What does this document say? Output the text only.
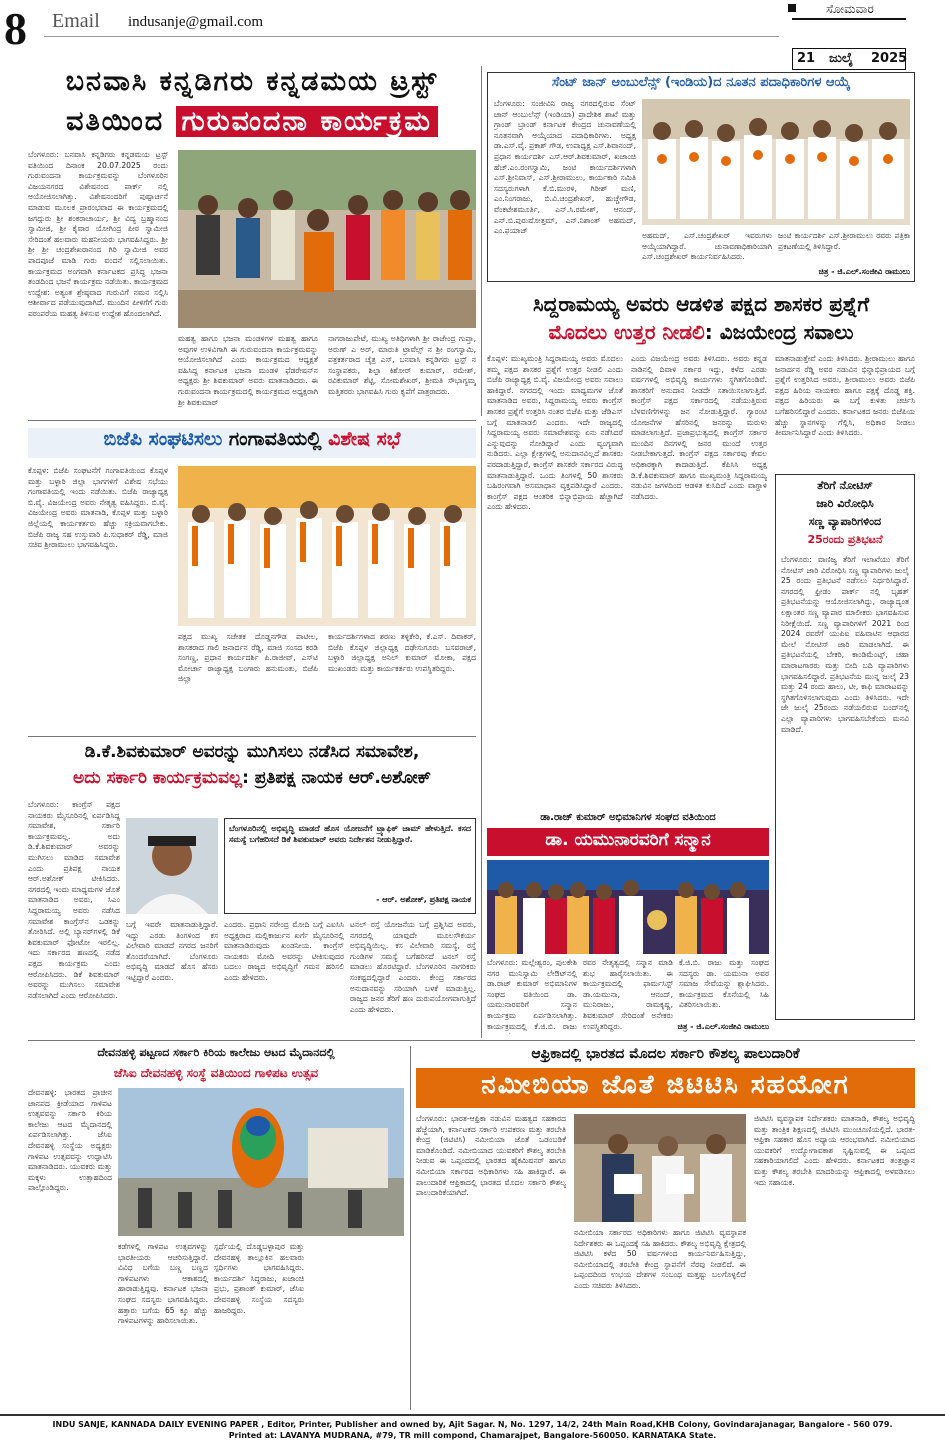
8	Email indusanje@gmail.com
ಸೋಮವಾರ
21 ಜುಲೈ 2025
ಬನವಾಸಿ ಕನ್ನಡಿಗರು ಕನ್ನಡಮಯ ಟ್ರಸ್ಟ್
ವತಿಯಿಂದ ಗುರುವಂದನಾ ಕಾರ್ಯಕ್ರಮ
ಬೆಂಗಳೂರು: ಬನವಾಸಿ ಕನ್ನಡಿಗರು ಕನ್ನಡಮಯ ಟ್ರಸ್ಟ್ ವತಿಯಿಂದ ದಿನಾಂಕ 20.07.2025 ರಂದು ಗುರುವಂದನಾ ಕಾರ್ಯಕ್ರಮವನ್ನು ಬೆಂಗಳೂರಿನ ವಿಜಯನಗರದ ವಿಶೇಷನಂದ ಪಾರ್ಕ್ ನಲ್ಲಿ ಆಯೋಜಿಸಲಾಗಿತ್ತು. ವಿಶೇಷನಂದರಿಗೆ ಪುಷ್ಪಾರ್ಚನೆ ಮಾಡುವ ಮೂಲಕ ಪ್ರಾರಂಭವಾದ ಈ ಕಾರ್ಯಕ್ರಮದಲ್ಲಿ ಜಗದ್ಗುರು ಶ್ರೀ ಶಂಕರಾಚಾರ್ಯ, ಶ್ರೀ ವಿದ್ಯ ಬ್ರಹ್ಮಾನಂದ ಸ್ವಾಮೀಜಿ, ಶ್ರೀ ಕೈವಾರ ಯೋಗಿಂದ್ರ ಪೀಠ ಸ್ವಾಮೀಜಿ ಸೇರಿದಂತೆ ಹಲವಾರು ಮಹನೀಯರು ಭಾಗವಹಿಸಿದ್ದರು. ಶ್ರೀ ಶ್ರೀ ಶ್ರೀ ಚಂದ್ರಶೇಖರಾನಂದ ಗಿರಿ ಸ್ವಾಮೀಜಿ ಅವರ ಪಾದಪೂಜೆ ಮಾಡಿ ಗುರು ವಂದನೆ ಸಲ್ಲಿಸಲಾಯಿತು. ಕಾರ್ಯಕ್ರಮದ ಅಂಗವಾಗಿ ಕರ್ನಾಟಕದ ಪ್ರಸಿದ್ಧ ಭಜನಾ ತಂಡದಿಂದ ಭಜನೆ ಕಾರ್ಯಕ್ರಮ ನಡೆಯಿತು. ಕಾರ್ಯಕ್ರಮದ ಉದ್ದೇಶ: ಅತ್ಯಂತ ಶ್ರೇಷ್ಠವಾದ ಗುರುವಿಗೆ ನಮನ ಸಲ್ಲಿಸಿ ಆಶೀರ್ವಾದ ಪಡೆಯುವುದಾಗಿದೆ. ಮುಂದಿನ ಪೀಳಿಗೆಗೆ ಗುರು ಪರಂಪರೆಯ ಮಹತ್ವ ತಿಳಿಸುವ ಉದ್ದೇಶ ಹೊಂದಲಾಗಿದೆ.
ಮಹತ್ವ ಹಾಗೂ ಭಜನಾ ಮಂಡಳಿಗಳ ಮಹತ್ವ ಹಾಗೂ ಅವುಗಳ ಉಳಿವಿಗಾಗಿ ಈ ಗುರುವಂದನಾ ಕಾರ್ಯಕ್ರಮವನ್ನು ಆಯೋಜಿಸಲಾಗಿದೆ ಎಂದು ಕಾರ್ಯಕ್ರಮದ ಆಧ್ಯಕ್ಷತೆ ವಹಿಸಿದ್ದ ಕರ್ನಾಟಕ ಭಜನಾ ಮಂಡಳಿ ಫೆಡರೇಷನ್‌ನ ಅಧ್ಯಕ್ಷರು ಶ್ರೀ ಶಿವಕುಮಾರ್ ಅವರು ಮಾತನಾಡಿದರು. ಈ ಗುರುವಂದನಾ ಕಾರ್ಯಕ್ರಮದಲ್ಲಿ ಕಾರ್ಯಕ್ರಮದ ಅಧ್ಯಕ್ಷರಾಗಿ ಶ್ರೀ ಶಿವಕುಮಾರ್
ನಾಗರಾಜುಪೇಟೆ, ಮುಖ್ಯ ಅತಿಥಿಗಳಾಗಿ ಶ್ರೀ ರಾಜೇಂದ್ರ ಗುಪ್ತಾ, ಅರುಣ್ ಎ ಅರ್, ಮಾರುತಿ ಟ್ರಾವೆಲ್ಸ್ ನ ಶ್ರೀ ರಂಗಸ್ವಾಮಿ, ಪತ್ರಕರ್ತರಾದ ಚೈತ್ರ ಎಸ್, ಬನವಾಸಿ ಕನ್ನಡಿಗರು ಟ್ರಸ್ಟ್ ನ ಸಂಸ್ಥಾಪಕರು, ಶಿಲ್ಪಾ ಕಿಶೋರ್ ಕುಮಾರ್, ರಮೇಶ್, ರವಿಕುಮಾರ್ ಶೆಟ್ಟಿ, ಸೋಮಶೇಖರ್, ಶ್ರೀಮತಿ ಸೌಭಾಗ್ಯಮ್ಮ ಮತ್ತಿತರರು ಭಾಗವಹಿಸಿ ಗುರು ಕೃಪೆಗೆ ಪಾತ್ರರಾದರು.
ಸೆಂಟ್ ಜಾನ್ ಆಂಬುಲೆನ್ಸ್ (ಇಂಡಿಯ)ದ ನೂತನ ಪದಾಧಿಕಾರಿಗಳ ಆಯ್ಕೆ
ಬೆಂಗಳೂರು: ಸಂಜೀವಿನಿ ರಾಜ್ಯ ನಗರದಲ್ಲಿರುವ ಸೆಂಟ್ ಜಾನ್ ಆಂಬುಲೆನ್ಸ್ (ಇಂಡಿಯಾ) ಪ್ರಾದೇಶಿಕ ಶಾಖೆ ಮತ್ತು ಗ್ರಾಂಡ್ ಬ್ರಾಂಡ್ ಕರ್ನಾಟಕ ಕೇಂದ್ರದ ಚುನಾವಣೆಯಲ್ಲಿ ನೂತನವಾಗಿ ಆಯ್ಕೆಯಾದ ಪದಾಧಿಕಾರಿಗಳು. ಅಧ್ಯಕ್ಷ ಡಾ.ಎಸ್.ವೈ. ಪ್ರಕಾಶ್ ಗೌಡ, ಉಪಾಧ್ಯಕ್ಷ ಎಸ್.ಶಿವಾನಂದ್, ಪ್ರಧಾನ ಕಾರ್ಯದರ್ಶಿ ಎಸ್.ಆರ್.ಶಿವಕುಮಾರ್, ಖಜಾಂಚಿ ಹೆಚ್.ಎಂ.ರಂಗಸ್ವಾಮಿ, ಜಂಟಿ ಕಾರ್ಯದರ್ಶಿಗಳಾಗಿ ಎಸ್.ಶ್ರೀನಿವಾಸ್, ಎಸ್.ಶ್ರೀರಾಮುಲು, ಕಾರ್ಯಕಾರಿ ಸಮಿತಿ ಸದಸ್ಯರುಗಳಾಗಿ ಕೆ.ಬಿ.ಮುರಳಿ, ಗಿರೀಶ್ ಮಣಿ, ಎಂ.ನಿಂಗರಾಜು, ಬಿ.ವಿ.ಚಂದ್ರಶೇಖರ್, ಹುಚ್ಚೇಗೌಡ, ವೆಂಕಟೇಶಮೂರ್ತಿ, ಎನ್.ಸಿ.ರಮೇಶ್, ಆನಂದ್, ಎನ್.ಬಿ.ಪುರುಷೋತ್ತಮ್, ಎನ್.ನಿಶಾಂತ್ ಅಹಮದ್, ಎಂ.ಫಯಾಜ್
ಅಹಮದ್, ಎಸ್.ಚಂದ್ರಶೇಖರ್ ಇವರುಗಳು ಆಯ್ಕೆಯಾಗಿದ್ದಾರೆ. ಚುನಾವಣಾಧಿಕಾರಿಯಾಗಿ ಎಸ್.ಚಂದ್ರಶೇಖರ್ ಕಾರ್ಯನಿರ್ವಹಿಸಿದರು.
ಜಂಟಿ ಕಾರ್ಯದರ್ಶಿ ಎಸ್.ಶ್ರೀರಾಮುಲು ರವರು ಪತ್ರಿಕಾ ಪ್ರಕಟಣೆಯಲ್ಲಿ ತಿಳಿಸಿದ್ದಾರೆ.
ಚಿತ್ರ - ಜಿ.ಎಲ್.ಸಂಜೀವಿ ರಾಮುಲು
ಸಿದ್ದರಾಮಯ್ಯ ಅವರು ಆಡಳಿತ ಪಕ್ಷದ ಶಾಸಕರ ಪ್ರಶ್ನೆಗೆ
ಮೊದಲು ಉತ್ತರ ನೀಡಲಿ: ವಿಜಯೇಂದ್ರ ಸವಾಲು
ಕೊಪ್ಪಳ: ಮುಖ್ಯಮಂತ್ರಿ ಸಿದ್ದರಾಮಯ್ಯ ಅವರು ಮೊದಲು ತಮ್ಮ ಪಕ್ಷದ ಶಾಸಕರ ಪ್ರಶ್ನೆಗೆ ಉತ್ತರ ನೀಡಲಿ ಎಂದು ಬಿಜೆಪಿ ರಾಜ್ಯಾಧ್ಯಕ್ಷ ಬಿ.ವೈ. ವಿಜಯೇಂದ್ರ ಅವರು ಸವಾಲು ಹಾಕಿದ್ದಾರೆ. ನಗರದಲ್ಲಿ ಇಂದು ಮಾಧ್ಯಮಗಳ ಜೊತೆ ಮಾತನಾಡಿದ ಅವರು, ಸಿದ್ದರಾಮಯ್ಯ ಅವರು ಕಾಂಗ್ರೆಸ್ ಶಾಸಕರ ಪ್ರಶ್ನೆಗೆ ಉತ್ತರಿಸಿ ನಂತರ ಬಿಜೆಪಿ ಮತ್ತು ಜೆಡಿಎಸ್ ಬಗ್ಗೆ ಮಾತನಾಡಲಿ ಎಂದರು. ಇದೇ ರಾಜ್ಯದಲ್ಲಿ ಸಿದ್ದರಾಮಯ್ಯ ಅವರು ಸಮಾವೇಶವನ್ನು ಏನು ನಡೆಸಿದರೆ ಎನ್ನುವುದನ್ನು ನೋಡಿದ್ದಾರೆ ಎಂದು ವ್ಯಂಗ್ಯವಾಗಿ ನುಡಿದರು. ಎಲ್ಲಾ ಕ್ಷೇತ್ರಗಳಲ್ಲಿ ಅನುದಾನವಿಲ್ಲದೆ ಶಾಸಕರು ಪರದಾಡುತ್ತಿದ್ದಾರೆ, ಕಾಂಗ್ರೆಸ್ ಶಾಸಕರೇ ಸರ್ಕಾರದ ವಿರುದ್ಧ ಮಾತನಾಡುತ್ತಿದ್ದಾರೆ. ಒಂದು ತಿಂಗಳಲ್ಲಿ 50 ಶಾಸಕರು ಬಹಿರಂಗವಾಗಿ ಅಸಮಾಧಾನ ವ್ಯಕ್ತಪಡಿಸಿದ್ದಾರೆ ಎಂದರು. ಕಾಂಗ್ರೆಸ್ ಪಕ್ಷದ ಆಂತರಿಕ ಭಿನ್ನಾಭಿಪ್ರಾಯ ಹೆಚ್ಚಾಗಿದೆ ಎಂದು ಹೇಳಿದರು.
ಎಂದು ವಿಜಯೇಂದ್ರ ಅವರು ತಿಳಿಸಿದರು. ಅವರು ಕನ್ನಡ ನಾಡಿನಲ್ಲಿ ದಿವಾಳಿ ಸರ್ಕಾರ ಇದ್ದು, ಕಳೆದ ಎರಡು ವರ್ಷಗಳಲ್ಲಿ ಅಭಿವೃದ್ಧಿ ಕಾರ್ಯಗಳು ಸ್ಥಗಿತಗೊಂಡಿವೆ. ಶಾಸಕರಿಗೆ ಅನುದಾನ ನೀಡದೇ ಸತಾಯಿಸಲಾಗುತ್ತಿದೆ. ಕಾಂಗ್ರೆಸ್ ಪಕ್ಷದ ಸರ್ಕಾರದಲ್ಲಿ ನಡೆಯುತ್ತಿರುವ ಬೆಳವಣಿಗೆಗಳನ್ನು ಜನ ನೋಡುತ್ತಿದ್ದಾರೆ. ಗ್ಯಾರಂಟಿ ಯೋಜನೆಗಳ ಹೆಸರಿನಲ್ಲಿ ಜನರನ್ನು ಮರುಳು ಮಾಡಲಾಗುತ್ತಿದೆ. ಪ್ರಜಾಪ್ರಭುತ್ವದಲ್ಲಿ ಕಾಂಗ್ರೆಸ್ ಸರ್ಕಾರ ಮುಂದಿನ ದಿನಗಳಲ್ಲಿ ಜನರ ಮುಂದೆ ಉತ್ತರ ನೀಡಬೇಕಾಗುತ್ತದೆ. ಕಾಂಗ್ರೆಸ್ ಪಕ್ಷದ ಸರ್ಕಾರವು ಕೇವಲ ಅಧಿಕಾರಕ್ಕಾಗಿ ಕಾದಾಡುತ್ತಿದೆ. ಕೆಪಿಸಿಸಿ ಅಧ್ಯಕ್ಷ ಡಿ.ಕೆ.ಶಿವಕುಮಾರ್ ಹಾಗೂ ಮುಖ್ಯಮಂತ್ರಿ ಸಿದ್ದರಾಮಯ್ಯ ನಡುವಿನ ಜಗಳದಿಂದ ಆಡಳಿತ ಕುಸಿದಿದೆ ಎಂದು ವಾಗ್ದಾಳಿ ನಡೆಸಿದರು.
ಮಾತನಾಡುತ್ತೇವೆ ಎಂದು ತಿಳಿಸಿದರು. ಶ್ರೀರಾಮುಲು ಹಾಗೂ ಜನಾರ್ದನ ರೆಡ್ಡಿ ಅವರ ನಡುವಿನ ಭಿನ್ನಾಭಿಪ್ರಾಯದ ಬಗ್ಗೆ ಪ್ರಶ್ನೆಗೆ ಉತ್ತರಿಸಿದ ಅವರು, ಶ್ರೀರಾಮುಲು ಅವರು ಬಿಜೆಪಿ ಪಕ್ಷದ ಹಿರಿಯ ನಾಯಕರು ಹಾಗೂ ಪಕ್ಷಕ್ಕೆ ದೊಡ್ಡ ಶಕ್ತಿ. ಪಕ್ಷದ ಹಿರಿಯರು ಈ ಬಗ್ಗೆ ಕುಳಿತು ಚರ್ಚಿಸಿ ಬಗೆಹರಿಸಲಿದ್ದಾರೆ ಎಂದರು. ಕರ್ನಾಟಕದ ಜನರು ಬಿಜೆಪಿಯ ಹೆಚ್ಚು ಸ್ಥಾನಗಳನ್ನು ಗೆಲ್ಲಿಸಿ, ಅಧಿಕಾರ ನೀಡಲು ತೀರ್ಮಾನಿಸಿದ್ದಾರೆ ಎಂದು ತಿಳಿಸಿದರು.
ತೆರಿಗೆ ನೋಟಿಸ್
ಜಾರಿ ವಿರೋಧಿಸಿ
ಸಣ್ಣ ವ್ಯಾಪಾರಿಗಳಿಂದ
25ರಂದು ಪ್ರತಿಭಟನೆ
ಬೆಂಗಳೂರು: ವಾಣಿಜ್ಯ ತೆರಿಗೆ ಇಲಾಖೆಯು ತೆರಿಗೆ ನೋಟಿಸ್ ಜಾರಿ ವಿರೋಧಿಸಿ ಸಣ್ಣ ವ್ಯಾಪಾರಿಗಳು ಜುಲೈ 25 ರಂದು ಪ್ರತಿಭಟನೆ ನಡೆಸಲು ನಿರ್ಧರಿಸಿದ್ದಾರೆ. ನಗರದಲ್ಲಿ ಫ್ರೀಡಂ ಪಾರ್ಕ್ ನಲ್ಲಿ ಬೃಹತ್ ಪ್ರತಿಭಟನೆಯನ್ನು ಆಯೋಜಿಸಲಾಗಿದ್ದು, ರಾಜ್ಯಾದ್ಯಂತ ಲಕ್ಷಾಂತರ ಸಣ್ಣ ವ್ಯಾಪಾರ ಮಾಲೀಕರು ಭಾಗವಹಿಸುವ ನಿರೀಕ್ಷೆಯಿದೆ. ಸಣ್ಣ ವ್ಯಾಪಾರಿಗಳಿಗೆ 2021 ರಿಂದ 2024 ರವರೆಗೆ ಯುಪಿಐ ವಹಿವಾಟಿನ ಆಧಾರದ ಮೇಲೆ ನೋಟಿಸ್ ಜಾರಿ ಮಾಡಲಾಗಿದೆ. ಈ ಪ್ರತಿಭಟನೆಯಲ್ಲಿ ಬೇಕರಿ, ಕಾಂಡಿಮೆಂಟ್ಸ್, ಚಹಾ ಮಾರಾಟಗಾರರು ಮತ್ತು ಬೀದಿ ಬದಿ ವ್ಯಾಪಾರಿಗಳು ಭಾಗವಹಿಸಲಿದ್ದಾರೆ. ಪ್ರತಿಭಟನೆಯ ಮುನ್ನ ಜುಲೈ 23 ಮತ್ತು 24 ರಂದು ಹಾಲು, ಟೀ, ಕಾಫಿ ಮಾರಾಟವನ್ನು ಸ್ಥಗಿತಗೊಳಿಸಲಾಗುವುದು ಎಂದು ತಿಳಿಸಿದರು. ಇದೇ ಜೇ ಜುಲೈ 25ರಂದು ನಡೆಯಲಿರುವ ಬಂದ್‌ನಲ್ಲಿ ಎಲ್ಲಾ ವ್ಯಾಪಾರಿಗಳು ಭಾಗವಹಿಸಬೇಕೆಂದು ಮನವಿ ಮಾಡಿದೆ.
ಬಿಜೆಪಿ ಸಂಘಟಿಸಲು ಗಂಗಾವತಿಯಲ್ಲಿ ವಿಶೇಷ ಸಭೆ
ಕೊಪ್ಪಳ: ಬಿಜೆಪಿ ಸಂಘಟನೆಗೆ ಗಂಗಾವತಿಯಿಂದ ಕೊಪ್ಪಳ ಮತ್ತು ಬಳ್ಳಾರಿ ಜಿಲ್ಲಾ ಭಾಗಗಳಿಗೆ ವಿಶೇಷ ಸಭೆಯು ಗಂಗಾವತಿಯಲ್ಲಿ ಇಂದು ನಡೆಯಿತು. ಬಿಜೆಪಿ ರಾಜ್ಯಾಧ್ಯಕ್ಷ ಬಿ.ವೈ. ವಿಜಯೇಂದ್ರ ಅವರು ನೇತೃತ್ವ ವಹಿಸಿದ್ದರು. ಬಿ.ವೈ. ವಿಜಯೇಂದ್ರ ಅವರು ಮಾತನಾಡಿ, ಕೊಪ್ಪಳ ಮತ್ತು ಬಳ್ಳಾರಿ ಜಿಲ್ಲೆಯಲ್ಲಿ ಕಾರ್ಯಕರ್ತರು ಹೆಚ್ಚು ಸಕ್ರಿಯವಾಗಬೇಕು. ಬಿಜೆಪಿ ರಾಜ್ಯ ಸಹ ಉಸ್ತುವಾರಿ ಪಿ.ಸುಧಾಕರ್ ರೆಡ್ಡಿ, ಮಾಜಿ ಸಚಿವ ಶ್ರೀರಾಮುಲು ಭಾಗವಹಿಸಿದ್ದರು.
ಪಕ್ಷದ ಮುಖ್ಯ ಸಚೇತಕ ದೊಡ್ಡನಗೌಡ ಪಾಟೀಲ, ಶಾಸಕರಾದ ಗಾಲಿ ಜನಾರ್ದನ ರೆಡ್ಡಿ, ಮಾಜಿ ಸಂಸದ ಕರಡಿ ಸಂಗಣ್ಣ, ಪ್ರಧಾನ ಕಾರ್ಯದರ್ಶಿ ಪಿ.ರಾಜೀವ್, ಎಸ್‌ಟಿ ಮೋರ್ಚಾ ರಾಜ್ಯಾಧ್ಯಕ್ಷ ಬಂಗಾರು ಹನುಮಂತು, ಬಿಜೆಪಿ ಜಿಲ್ಲಾ
ಕಾರ್ಯದರ್ಶಿಗಳಾದ ಶರಣು ತಳ್ಳಿಕೇರಿ, ಕೆ.ಎಸ್. ದಿವಾಕರ್, ಬಿಜೆಪಿ ಕೊಪ್ಪಳ ಜಿಲ್ಲಾಧ್ಯಕ್ಷ ದಢೇಸುಗೂರು ಬಸವರಾಜ್, ಬಳ್ಳಾರಿ ಜಿಲ್ಲಾಧ್ಯಕ್ಷ ಅನಿಲ್ ಕುಮಾರ್ ಮೋಕಾ, ಪಕ್ಷದ ಮುಖಂಡರು ಮತ್ತು ಕಾರ್ಯಕರ್ತರು ಉಪಸ್ಥಿತರಿದ್ದರು.
ಡಿ.ಕೆ.ಶಿವಕುಮಾರ್ ಅವರನ್ನು ಮುಗಿಸಲು ನಡೆಸಿದ ಸಮಾವೇಶ,
ಅದು ಸರ್ಕಾರಿ ಕಾರ್ಯಕ್ರಮವಲ್ಲ: ಪ್ರತಿಪಕ್ಷ ನಾಯಕ ಆರ್.ಅಶೋಕ್
ಬೆಂಗಳೂರು: ಕಾಂಗ್ರೆಸ್ ಪಕ್ಷದ ನಾಯಕರು ಮೈಸೂರಿನಲ್ಲಿ ಏರ್ಪಡಿಸಿದ್ದ ಸಮಾವೇಶ, ಸರ್ಕಾರಿ ಕಾರ್ಯಕ್ರಮವಲ್ಲ. ಅದು ಡಿ.ಕೆ.ಶಿವಕುಮಾರ್ ಅವರನ್ನು ಮುಗಿಸಲು ಮಾಡಿದ ಸಮಾವೇಶ ಎಂದು ಪ್ರತಿಪಕ್ಷ ನಾಯಕ ಆರ್.ಅಶೋಕ್ ಟೀಕಿಸಿದರು. ನಗರದಲ್ಲಿ ಇಂದು ಮಾಧ್ಯಮಗಳ ಜೊತೆ ಮಾತನಾಡಿದ ಅವರು, ಸಿಎಂ ಸಿದ್ದರಾಮಯ್ಯ ಅವರು ನಡೆಸಿದ ಸಮಾವೇಶ ಕಾಂಗ್ರೆಸ್‌ನ ಒಡಕನ್ನು ತೋರಿಸಿದೆ. ಅಲ್ಲಿ ಬ್ಯಾನರ್‌ಗಳಲ್ಲಿ ಡಿಕೆ ಶಿವಕುಮಾರ್ ಫೋಟೋ ಇರಲಿಲ್ಲ. ಇದು ಸರ್ಕಾರದ ಹಣದಲ್ಲಿ ನಡೆದ ಪಕ್ಷದ ಕಾರ್ಯಕ್ರಮ ಎಂದು ಆರೋಪಿಸಿದರು. ಡಿಕೆ ಶಿವಕುಮಾರ್ ಅವರನ್ನು ಮುಗಿಸಲು ಸಮಾವೇಶ ನಡೆಸಲಾಗಿದೆ ಎಂದು ಆರೋಪಿಸಿದರು.
ಬೆಂಗಳೂರಿನಲ್ಲಿ ಅಭಿವೃದ್ಧಿ ಮಾಡದೆ ಹೊಸ ಯೋಜನೆಗೆ ಟ್ರ್ಯಾಫಿಕ್ ಜಾಮ್ ಹೇಳುತ್ತಿದೆ. ಕಸದ ಸಮಸ್ಯೆ ಬಗೆಹರಿಸದೆ ಡಿಕೆ ಶಿವಕುಮಾರ್ ಅವರು ನಿರ್ದೇಶನ ನೀಡುತ್ತಿದ್ದಾರೆ.
- ಆರ್. ಅಶೋಕ್, ಪ್ರತಿಪಕ್ಷ ನಾಯಕ
ಬಗ್ಗೆ ಇವರೇ ಮಾತನಾಡುತ್ತಿದ್ದಾರೆ. ಇದ್ದು ಎರಡು ತಿಂಗಳಿಂದ ಕಸ ವಿಲೇವಾರಿ ಮಾಡದೆ ನಗರದ ಜನರಿಗೆ ತೊಂದರೆಯಾಗಿದೆ. ಬೆಂಗಳೂರು ಅಭಿವೃದ್ಧಿ ಮಾಡದೆ ಹೊಸ ಹೆಸರು ಇಟ್ಟಿದ್ದಾರೆ ಎಂದರು.
ಎಂದರು. ಪ್ರಧಾನಿ ನರೇಂದ್ರ ಮೋದಿ ಬಗ್ಗೆ ಎಐಸಿಸಿ ಅಧ್ಯಕ್ಷರಾದ ಮಲ್ಲಿಕಾರ್ಜುನ ಖರ್ಗೆ ಮೈಸೂರಿನಲ್ಲಿ ಮಾತನಾಡಿರುವುದು ಖಂಡನೀಯ. ಕಾಂಗ್ರೆಸ್ ನಾಯಕರು ಮೋದಿ ಅವರನ್ನು ಟೀಕಿಸುವುದರ ಬದಲು ರಾಜ್ಯದ ಅಭಿವೃದ್ಧಿಗೆ ಗಮನ ಹರಿಸಲಿ ಎಂದು ಹೇಳಿದರು.
ಟನಲ್ ರಸ್ತೆ ಯೋಜನೆಯ ಬಗ್ಗೆ ಪ್ರಶ್ನಿಸಿದ ಅವರು, ನಗರದಲ್ಲಿ ಯಾವುದೇ ಮೂಲಸೌಕರ್ಯ ಅಭಿವೃದ್ಧಿಯಿಲ್ಲ. ಕಸ ವಿಲೇವಾರಿ ಸಮಸ್ಯೆ, ರಸ್ತೆ ಗುಂಡಿಗಳ ಸಮಸ್ಯೆ ಬಗೆಹರಿಸದೆ ಟನಲ್ ರಸ್ತೆ ಮಾಡಲು ಹೊರಟಿದ್ದಾರೆ. ಬೆಂಗಳೂರಿನ ನಾಗರಿಕರು ಸಂಕಷ್ಟದಲ್ಲಿದ್ದಾರೆ ಎಂದರು. ಕೇಂದ್ರ ಸರ್ಕಾರದ ಅನುದಾನವನ್ನು ಸರಿಯಾಗಿ ಬಳಕೆ ಮಾಡುತ್ತಿಲ್ಲ. ರಾಜ್ಯದ ಜನರ ತೆರಿಗೆ ಹಣ ದುರುಪಯೋಗವಾಗುತ್ತಿದೆ ಎಂದು ಹೇಳಿದರು.
ಡಾ.ರಾಜ್ ಕುಮಾರ್ ಅಭಿಮಾನಿಗಳ ಸಂಘದ ವತಿಯಿಂದ
ಡಾ. ಯಮುನಾರವರಿಗೆ ಸನ್ಮಾನ
ಬೆಂಗಳೂರು: ಮಲ್ಲೇಶ್ವರಂ, ಪುಲಕೇಶಿ ನಗರ ಮುನಿಸ್ವಾಮಿ ಲೇಔಟ್‌ನಲ್ಲಿ ಡಾ.ರಾಜ್ ಕುಮಾರ್ ಅಭಿಮಾನಿಗಳ ಸಂಘದ ವತಿಯಿಂದ ಡಾ. ಯಮುನಾರವರಿಗೆ ಸನ್ಮಾನ ಕಾರ್ಯಕ್ರಮ ಏರ್ಪಡಿಸಲಾಗಿತ್ತು. ಕಾರ್ಯಕ್ರಮದಲ್ಲಿ ಕೆ.ಜಿ.ಬಿ. ರಾಜು
ರವರ ನೇತೃತ್ವದಲ್ಲಿ ಸನ್ಮಾನ ಮಾಡಿ ಶುಭ ಹಾರೈಸಲಾಯಿತು. ಈ ಕಾರ್ಯಕ್ರಮದಲ್ಲಿ ಫಾರ್ಮಸಿಸ್ಟ್ ಡಾ.ಯಮುನಾ, ಆನಂದ್, ಮುನಿರಾಜು, ರಾಮಕೃಷ್ಣ, ಶಿವಕುಮಾರ್ ಸೇರಿದಂತೆ ಅನೇಕರು ಉಪಸ್ಥಿತರಿದ್ದರು.
ಕೆ.ಜಿ.ಬಿ. ರಾಜು ಮತ್ತು ಸಂಘದ ಸದಸ್ಯರು ಡಾ. ಯಮುನಾ ಅವರ ಸಮಾಜ ಸೇವೆಯನ್ನು ಶ್ಲಾಘಿಸಿದರು. ಕಾರ್ಯಕ್ರಮದ ಕೊನೆಯಲ್ಲಿ ಸಿಹಿ ವಿತರಿಸಲಾಯಿತು.
ಚಿತ್ರ - ಜಿ.ಎಲ್.ಸಂಜೀವಿ ರಾಮುಲು
ದೇವನಹಳ್ಳಿ ಪಟ್ಟಣದ ಸರ್ಕಾರಿ ಕಿರಿಯ ಕಾಲೇಜು ಆಟದ ಮೈದಾನದಲ್ಲಿ
ಜೆಸಿಐ ದೇವನಹಳ್ಳಿ ಸಂಸ್ಥೆ ವತಿಯಿಂದ ಗಾಳಿಪಟ ಉತ್ಸವ
ದೇವನಹಳ್ಳಿ: ಭಾರತದ ಪ್ರಾಚೀನ ಜಾನಪದ ಕ್ರೀಡೆಯಾದ ಗಾಳಿಪಟ ಉತ್ಸವವನ್ನು ಸರ್ಕಾರಿ ಕಿರಿಯ ಕಾಲೇಜು ಆಟದ ಮೈದಾನದಲ್ಲಿ ಏರ್ಪಡಿಸಲಾಗಿತ್ತು. ಜೆಸಿಐ ದೇವನಹಳ್ಳಿ ಸಂಸ್ಥೆಯ ಅಧ್ಯಕ್ಷರು ಗಾಳಿಪಟ ಉತ್ಸವವನ್ನು ಉದ್ಘಾಟಿಸಿ ಮಾತನಾಡಿದರು. ಯುವಕರು ಮತ್ತು ಮಕ್ಕಳು ಉತ್ಸಾಹದಿಂದ ಪಾಲ್ಗೊಂಡಿದ್ದರು.
ಕಡೆಗಳಲ್ಲಿ ಗಾಳಿಪಟ ಉತ್ಸವಗಳನ್ನು ಭಾರತೀಯರು ಆಚರಿಸುತ್ತಿದ್ದಾರೆ. ವಿವಿಧ ಬಗೆಯ ಬಣ್ಣ ಬಣ್ಣದ ಗಾಳಿಪಟಗಳು ಆಕಾಶದಲ್ಲಿ ಹಾರಾಡುತ್ತಿದ್ದವು. ಕರ್ನಾಟಕ ಭಜನಾ ಸಂಘದ ಸದಸ್ಯರು ಭಾಗವಹಿಸಿದ್ದರು. ಹತ್ತಾರು ಬಗೆಯ 65 ಕ್ಕೂ ಹೆಚ್ಚು ಗಾಳಿಪಟಗಳನ್ನು ಹಾರಿಸಲಾಯಿತು.
ಸ್ಪರ್ಧೆಯಲ್ಲಿ ದೊಡ್ಡಬಳ್ಳಾಪುರ ಮತ್ತು ದೇವನಹಳ್ಳಿ ತಾಲ್ಲೂಕಿನ ಹಲವಾರು ಸ್ಪರ್ಧಿಗಳು ಭಾಗವಹಿಸಿದ್ದರು. ಕಾರ್ಯದರ್ಶಿ ಸಿದ್ಧರಾಜು, ಖಜಾಂಚಿ ಪ್ರಭು, ಪ್ರಶಾಂತ್ ಕುಮಾರ್, ಜೆಸಿಐ ದೇವನಹಳ್ಳಿ ಸಂಸ್ಥೆಯ ಸದಸ್ಯರು ಹಾಜರಿದ್ದರು.
ಆಫ್ರಿಕಾದಲ್ಲಿ ಭಾರತದ ಮೊದಲ ಸರ್ಕಾರಿ ಕೌಶಲ್ಯ ಪಾಲುದಾರಿಕೆ
ನಮೀಬಿಯಾ ಜೊತೆ ಜಿಟಿಟಿಸಿ ಸಹಯೋಗ
ಬೆಂಗಳೂರು: ಭಾರತ-ಆಫ್ರಿಕಾ ನಡುವಿನ ಮಹತ್ವದ ಸಹಕಾರದ ಹೆಜ್ಜೆಯಾಗಿ, ಕರ್ನಾಟಕದ ಸರ್ಕಾರಿ ಉಪಕರಣ ಮತ್ತು ತರಬೇತಿ ಕೇಂದ್ರ (ಜಿಟಿಟಿಸಿ) ನಮೀಬಿಯಾ ಜೊತೆ ಒಡಂಬಡಿಕೆ ಮಾಡಿಕೊಂಡಿದೆ. ನಮೀಬಿಯಾದ ಯುವಕರಿಗೆ ಕೌಶಲ್ಯ ತರಬೇತಿ ನೀಡುವ ಈ ಒಪ್ಪಂದದಲ್ಲಿ ಭಾರತದ ಹೈಕಮಿಷನರ್ ಹಾಗೂ ನಮೀಬಿಯಾ ಸರ್ಕಾರದ ಅಧಿಕಾರಿಗಳು ಸಹಿ ಹಾಕಿದ್ದಾರೆ. ಈ ಪಾಲುದಾರಿಕೆ ಆಫ್ರಿಕಾದಲ್ಲಿ ಭಾರತದ ಮೊದಲ ಸರ್ಕಾರಿ ಕೌಶಲ್ಯ ಪಾಲುದಾರಿಕೆಯಾಗಿದೆ.
ನಮೀಬಿಯಾ ಸರ್ಕಾರದ ಅಧಿಕಾರಿಗಳು ಹಾಗೂ ಜಿಟಿಟಿಸಿ ವ್ಯವಸ್ಥಾಪಕ ನಿರ್ದೇಶಕರು ಈ ಒಪ್ಪಂದಕ್ಕೆ ಸಹಿ ಹಾಕಿದರು. ಕೌಶಲ್ಯ ಅಭಿವೃದ್ಧಿ ಕ್ಷೇತ್ರದಲ್ಲಿ ಜಿಟಿಟಿಸಿ ಕಳೆದ 50 ವರ್ಷಗಳಿಂದ ಕಾರ್ಯನಿರ್ವಹಿಸುತ್ತಿದ್ದು, ನಮೀಬಿಯಾದಲ್ಲಿ ತರಬೇತಿ ಕೇಂದ್ರ ಸ್ಥಾಪನೆಗೆ ನೆರವು ನೀಡಲಿದೆ. ಈ ಒಪ್ಪಂದದಿಂದ ಉಭಯ ದೇಶಗಳ ಸಂಬಂಧ ಮತ್ತಷ್ಟು ಬಲಗೊಳ್ಳಲಿದೆ ಎಂದು ಸಚಿವರು ತಿಳಿಸಿದರು.
ಜಿಟಿಟಿಸಿ ವ್ಯವಸ್ಥಾಪಕ ನಿರ್ದೇಶಕರು ಮಾತನಾಡಿ, ಕೌಶಲ್ಯ ಅಭಿವೃದ್ಧಿ ಮತ್ತು ತಾಂತ್ರಿಕ ಶಿಕ್ಷಣದಲ್ಲಿ ಜಿಟಿಟಿಸಿ ಮುಂಚೂಣಿಯಲ್ಲಿದೆ. ಭಾರತ-ಆಫ್ರಿಕಾ ಸಹಕಾರ ಹೊಸ ಅಧ್ಯಾಯ ಆರಂಭವಾಗಿದೆ. ನಮೀಬಿಯಾದ ಯುವಕರಿಗೆ ಉದ್ಯೋಗಾವಕಾಶ ಸೃಷ್ಟಿಸುವಲ್ಲಿ ಈ ಒಪ್ಪಂದ ಸಹಕಾರಿಯಾಗಲಿದೆ ಎಂದು ಹೇಳಿದರು. ಕರ್ನಾಟಕದ ತಂತ್ರಜ್ಞಾನ ಮತ್ತು ಕೌಶಲ್ಯ ತರಬೇತಿ ಮಾದರಿಯನ್ನು ಆಫ್ರಿಕಾದಲ್ಲಿ ಅಳವಡಿಸಲು ಇದು ಸಹಾಯಕ.
INDU SANJE, KANNADA DAILY EVENING PAPER , Editor, Printer, Publisher and owned by, Ajit Sagar. N, No. 1297, 14/2, 24th Main Road,KHB Colony, Govindarajanagar, Bangalore - 560 079.
Printed at: LAVANYA MUDRANA, #79, TR mill compond, Chamarajpet, Bangalore-560050. KARNATAKA State.
